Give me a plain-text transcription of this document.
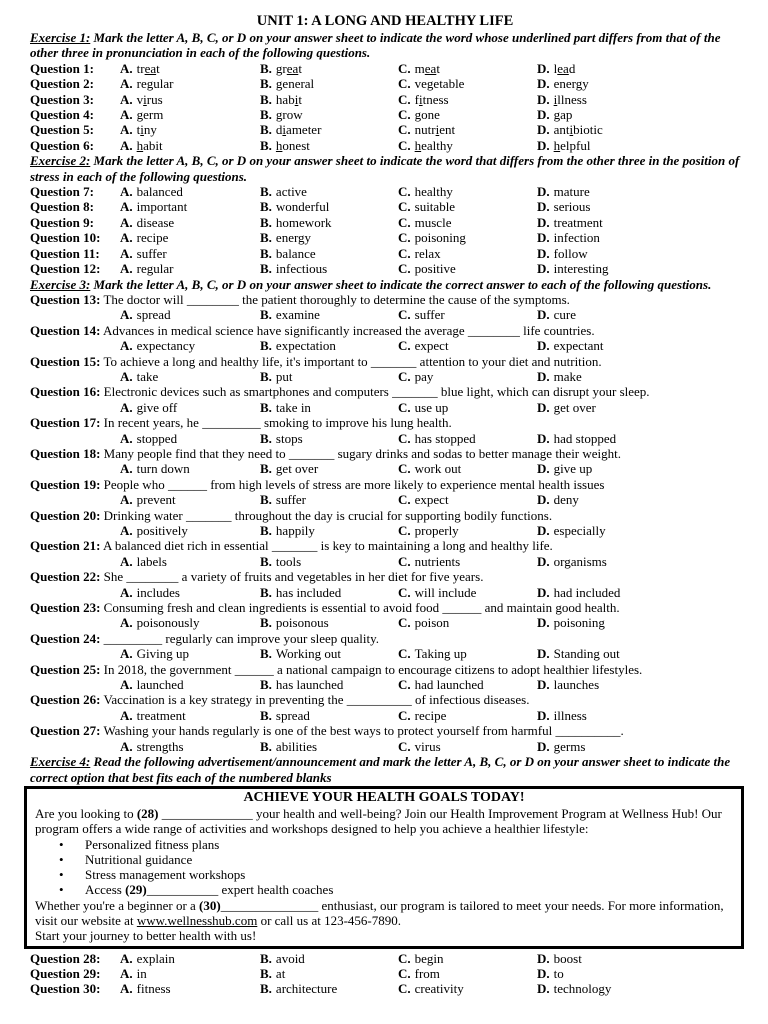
UNIT 1: A LONG AND HEALTHY LIFE
Exercise 1: Mark the letter A, B, C, or D on your answer sheet to indicate the word whose underlined part differs from that of the other three in pronunciation in each of the following questions.
Question 1:	A. treat	B. great	C. meat	D. lead
Question 2:	A. regular	B. general	C. vegetable	D. energy
Question 3:	A. virus	B. habit	C. fitness	D. illness
Question 4:	A. germ	B. grow	C. gone	D. gap
Question 5:	A. tiny	B. diameter	C. nutrient	D. antibiotic
Question 6:	A. habit	B. honest	C. healthy	D. helpful
Exercise 2: Mark the letter A, B, C, or D on your answer sheet to indicate the word that differs from the other three in the position of stress in each of the following questions.
Question 7:	A. balanced	B. active	C. healthy	D. mature
Question 8:	A. important	B. wonderful	C. suitable	D. serious
Question 9:	A. disease	B. homework	C. muscle	D. treatment
Question 10:	A. recipe	B. energy	C. poisoning	D. infection
Question 11:	A. suffer	B. balance	C. relax	D. follow
Question 12:	A. regular	B. infectious	C. positive	D. interesting
Exercise 3: Mark the letter A, B, C, or D on your answer sheet to indicate the correct answer to each of the following questions.
Question 13: The doctor will ________ the patient thoroughly to determine the cause of the symptoms.
A. spread	B. examine	C. suffer	D. cure
Question 14: Advances in medical science have significantly increased the average ________ life countries.
A. expectancy	B. expectation	C. expect	D. expectant
Question 15: To achieve a long and healthy life, it's important to _______ attention to your diet and nutrition.
A. take	B. put	C. pay	D. make
Question 16: Electronic devices such as smartphones and computers _______ blue light, which can disrupt your sleep.
A. give off	B. take in	C. use up	D. get over
Question 17: In recent years, he _________ smoking to improve his lung health.
A. stopped	B. stops	C. has stopped	D. had stopped
Question 18: Many people find that they need to _______ sugary drinks and sodas to better manage their weight.
A. turn down	B. get over	C. work out	D. give up
Question 19: People who ______ from high levels of stress are more likely to experience mental health issues
A. prevent	B. suffer	C. expect	D. deny
Question 20: Drinking water _______ throughout the day is crucial for supporting bodily functions.
A. positively	B. happily	C. properly	D. especially
Question 21: A balanced diet rich in essential _______ is key to maintaining a long and healthy life.
A. labels	B. tools	C. nutrients	D. organisms
Question 22: She ________ a variety of fruits and vegetables in her diet for five years.
A. includes	B. has included	C. will include	D. had included
Question 23: Consuming fresh and clean ingredients is essential to avoid food ______ and maintain good health.
A. poisonously	B. poisonous	C. poison	D. poisoning
Question 24: _________ regularly can improve your sleep quality.
A. Giving up	B. Working out	C. Taking up	D. Standing out
Question 25: In 2018, the government ______ a national campaign to encourage citizens to adopt healthier lifestyles.
A. launched	B. has launched	C. had launched	D. launches
Question 26: Vaccination is a key strategy in preventing the __________ of infectious diseases.
A. treatment	B. spread	C. recipe	D. illness
Question 27: Washing your hands regularly is one of the best ways to protect yourself from harmful __________.
A. strengths	B. abilities	C. virus	D. germs
Exercise 4: Read the following advertisement/announcement and mark the letter A, B, C, or D on your answer sheet to indicate the correct option that best fits each of the numbered blanks
ACHIEVE YOUR HEALTH GOALS TODAY!
Are you looking to (28) ______________ your health and well-being? Join our Health Improvement Program at Wellness Hub! Our program offers a wide range of activities and workshops designed to help you achieve a healthier lifestyle:
•	Personalized fitness plans
•	Nutritional guidance
•	Stress management workshops
•	Access (29)___________ expert health coaches
Whether you're a beginner or a (30)_______________ enthusiast, our program is tailored to meet your needs. For more information, visit our website at www.wellnesshub.com or call us at 123-456-7890.
Start your journey to better health with us!
Question 28:	A. explain	B. avoid	C. begin	D. boost
Question 29:	A. in	B. at	C. from	D. to
Question 30:	A. fitness	B. architecture	C. creativity	D. technology
